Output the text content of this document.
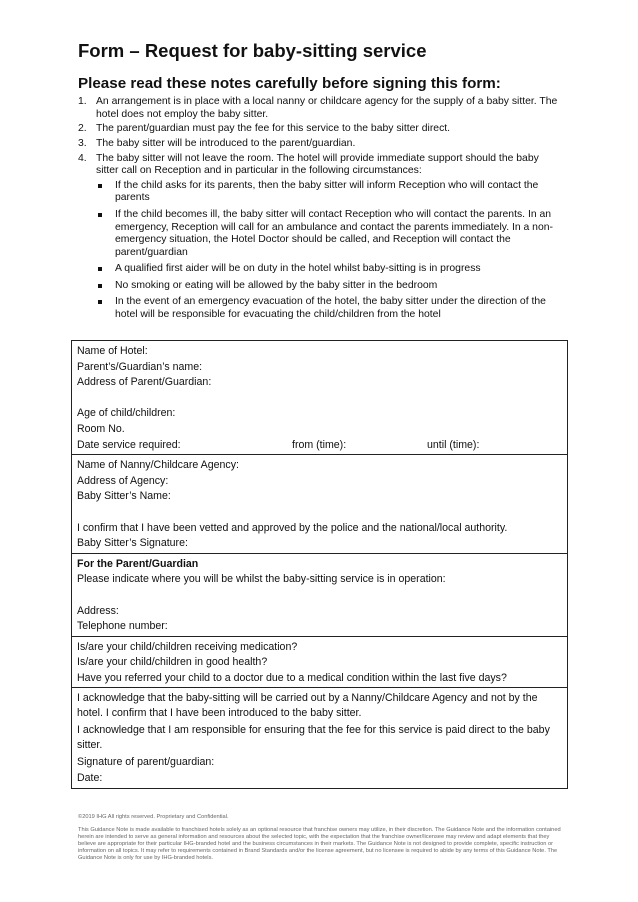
Form – Request for baby-sitting service
Please read these notes carefully before signing this form:
1. An arrangement is in place with a local nanny or childcare agency for the supply of a baby sitter. The hotel does not employ the baby sitter.
2. The parent/guardian must pay the fee for this service to the baby sitter direct.
3. The baby sitter will be introduced to the parent/guardian.
4. The baby sitter will not leave the room. The hotel will provide immediate support should the baby sitter call on Reception and in particular in the following circumstances:
If the child asks for its parents, then the baby sitter will inform Reception who will contact the parents
If the child becomes ill, the baby sitter will contact Reception who will contact the parents. In an emergency, Reception will call for an ambulance and contact the parents immediately. In a non-emergency situation, the Hotel Doctor should be called, and Reception will contact the parent/guardian
A qualified first aider will be on duty in the hotel whilst baby-sitting is in progress
No smoking or eating will be allowed by the baby sitter in the bedroom
In the event of an emergency evacuation of the hotel, the baby sitter under the direction of the hotel will be responsible for evacuating the child/children from the hotel
Name of Hotel:
Parent’s/Guardian’s name:
Address of Parent/Guardian:
Age of child/children:
Room No.
Date service required:	from (time):	until (time):
Name of Nanny/Childcare Agency:
Address of Agency:
Baby Sitter’s Name:
I confirm that I have been vetted and approved by the police and the national/local authority.
Baby Sitter’s Signature:
For the Parent/Guardian
Please indicate where you will be whilst the baby-sitting service is in operation:
Address:
Telephone number:
Is/are your child/children receiving medication?
Is/are your child/children in good health?
Have you referred your child to a doctor due to a medical condition within the last five days?
I acknowledge that the baby-sitting will be carried out by a Nanny/Childcare Agency and not by the hotel. I confirm that I have been introduced to the baby sitter.
I acknowledge that I am responsible for ensuring that the fee for this service is paid direct to the baby sitter.
Signature of parent/guardian:
Date:
©2019 IHG All rights reserved. Proprietary and Confidential.
This Guidance Note is made available to franchised hotels solely as an optional resource that franchise owners may utilize, in their discretion. The Guidance Note and the information contained herein are intended to serve as general information and resources about the selected topic, with the expectation that the franchise owner/licensee may review and adapt elements that they believe are appropriate for their particular IHG-branded hotel and the business circumstances in their markets. The Guidance Note is not designed to provide complete, specific instruction or information on all topics. It may refer to requirements contained in Brand Standards and/or the license agreement, but no licensee is required to abide by any terms of this Guidance Note. The Guidance Note is only for use by IHG-branded hotels.
